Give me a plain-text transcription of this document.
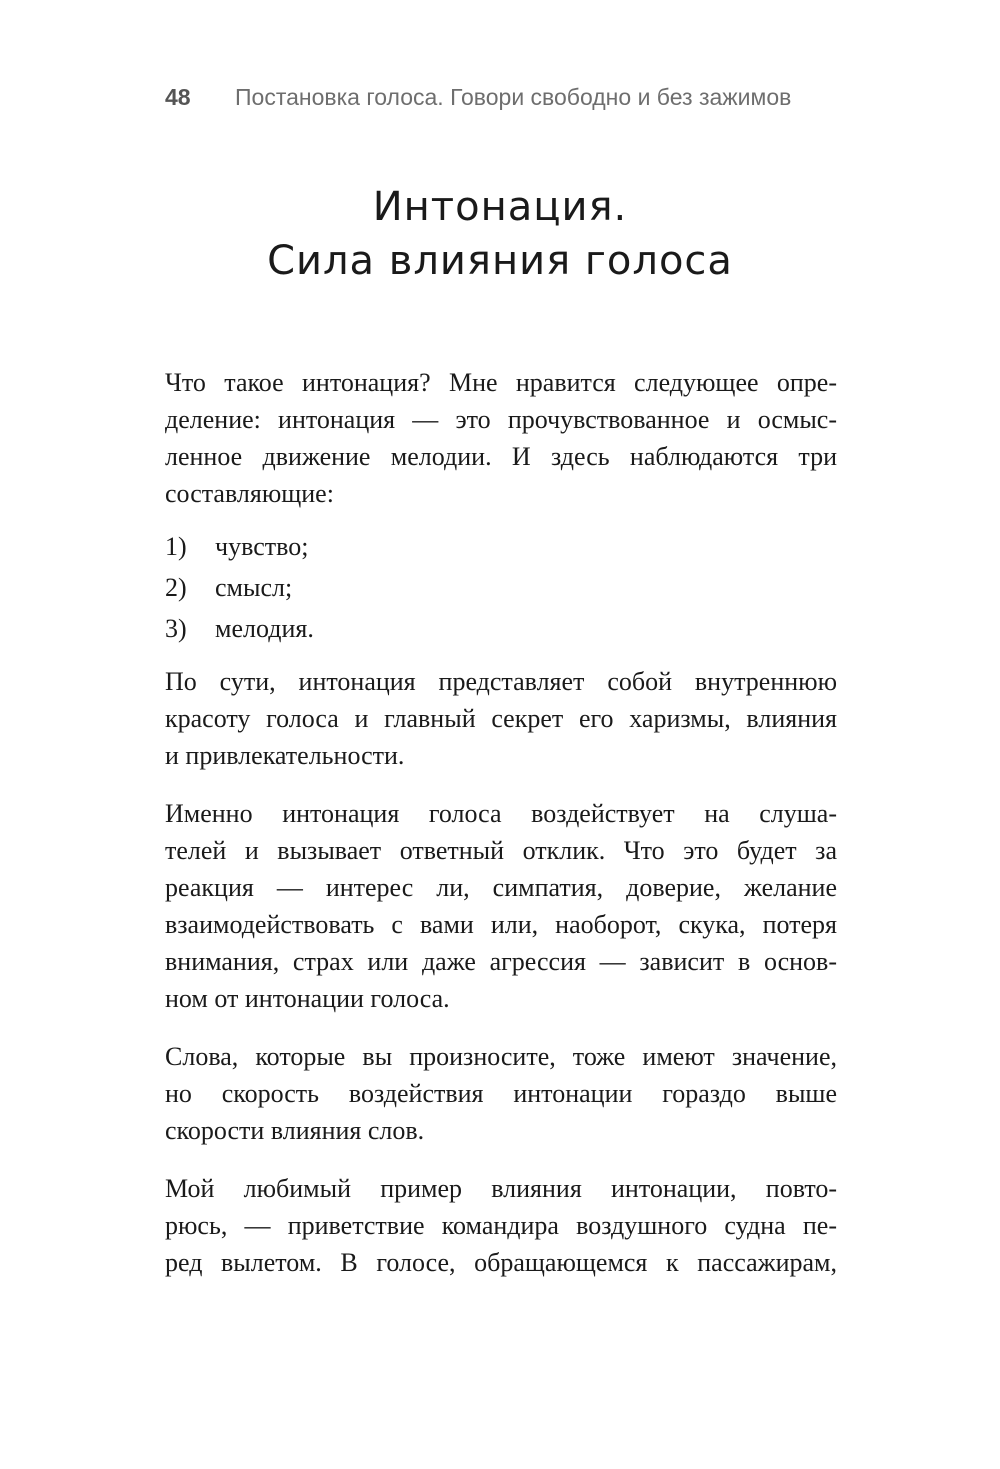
48 Постановка голоса. Говори свободно и без зажимов
Интонация.
Сила влияния голоса

Что такое интонация? Мне нравится следующее опре-
деление: интонация — это прочувствованное и осмыс-
ленное движение мелодии. И здесь наблюдаются три
составляющие:

1)	чувство;
2)	смысл;
3)	мелодия.

По сути, интонация представляет собой внутреннюю
красоту голоса и главный секрет его харизмы, влияния
и привлекательности.

Именно интонация голоса воздействует на слуша-
телей и вызывает ответный отклик. Что это будет за
реакция — интерес ли, симпатия, доверие, желание
взаимодействовать с вами или, наоборот, скука, потеря
внимания, страх или даже агрессия — зависит в основ-
ном от интонации голоса.

Слова, которые вы произносите, тоже имеют значение,
но скорость воздействия интонации гораздо выше
скорости влияния слов.

Мой любимый пример влияния интонации, повто-
рюсь, — приветствие командира воздушного судна пе-
ред вылетом. В голосе, обращающемся к пассажирам,
